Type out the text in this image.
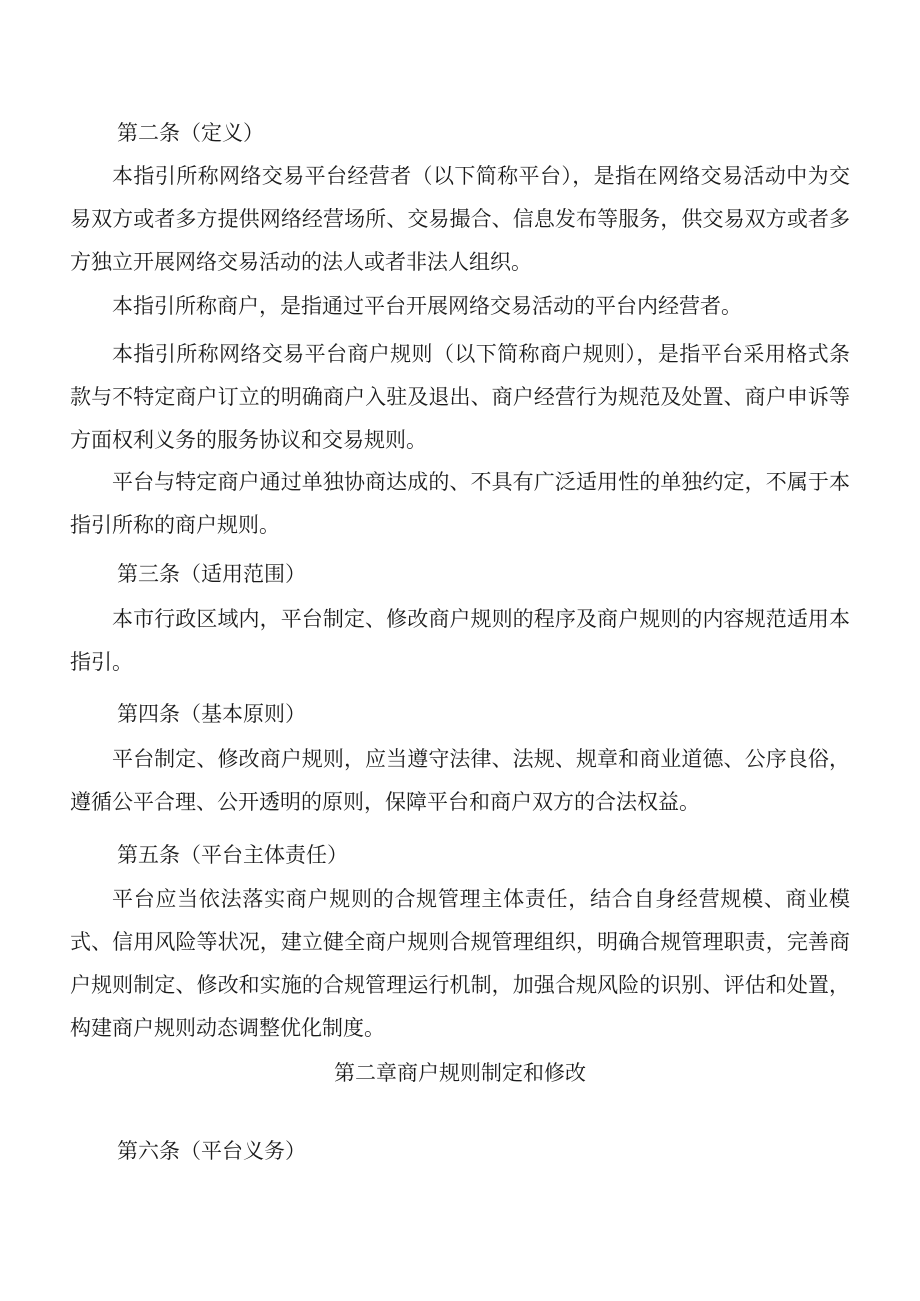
第二条（定义）

本指引所称网络交易平台经营者（以下简称平台），是指在网络交易活动中为交易双方或者多方提供网络经营场所、交易撮合、信息发布等服务，供交易双方或者多方独立开展网络交易活动的法人或者非法人组织。

本指引所称商户，是指通过平台开展网络交易活动的平台内经营者。

本指引所称网络交易平台商户规则（以下简称商户规则），是指平台采用格式条款与不特定商户订立的明确商户入驻及退出、商户经营行为规范及处置、商户申诉等方面权利义务的服务协议和交易规则。

平台与特定商户通过单独协商达成的、不具有广泛适用性的单独约定，不属于本指引所称的商户规则。

第三条（适用范围）

本市行政区域内，平台制定、修改商户规则的程序及商户规则的内容规范适用本指引。

第四条（基本原则）

平台制定、修改商户规则，应当遵守法律、法规、规章和商业道德、公序良俗，遵循公平合理、公开透明的原则，保障平台和商户双方的合法权益。

第五条（平台主体责任）

平台应当依法落实商户规则的合规管理主体责任，结合自身经营规模、商业模式、信用风险等状况，建立健全商户规则合规管理组织，明确合规管理职责，完善商户规则制定、修改和实施的合规管理运行机制，加强合规风险的识别、评估和处置，构建商户规则动态调整优化制度。

第二章商户规则制定和修改

第六条（平台义务）
